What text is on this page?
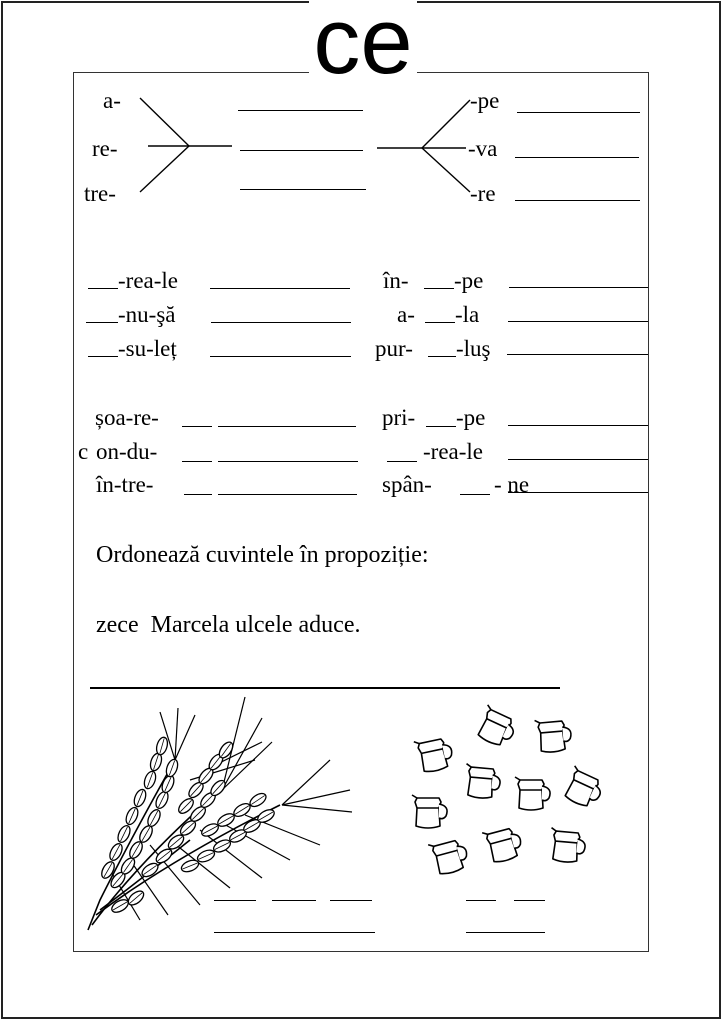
ce
a-
re-
tre-
-pe
-va
-re
-rea-le
-nu-şă
-su-leț
în- -pe
a- -la
pur- -luş
șoa-re-
c on-du-
în-tre-
pri- -pe
-rea-le
spân-	- ne
Ordonează cuvintele în propoziție:
zece  Marcela ulcele aduce.
